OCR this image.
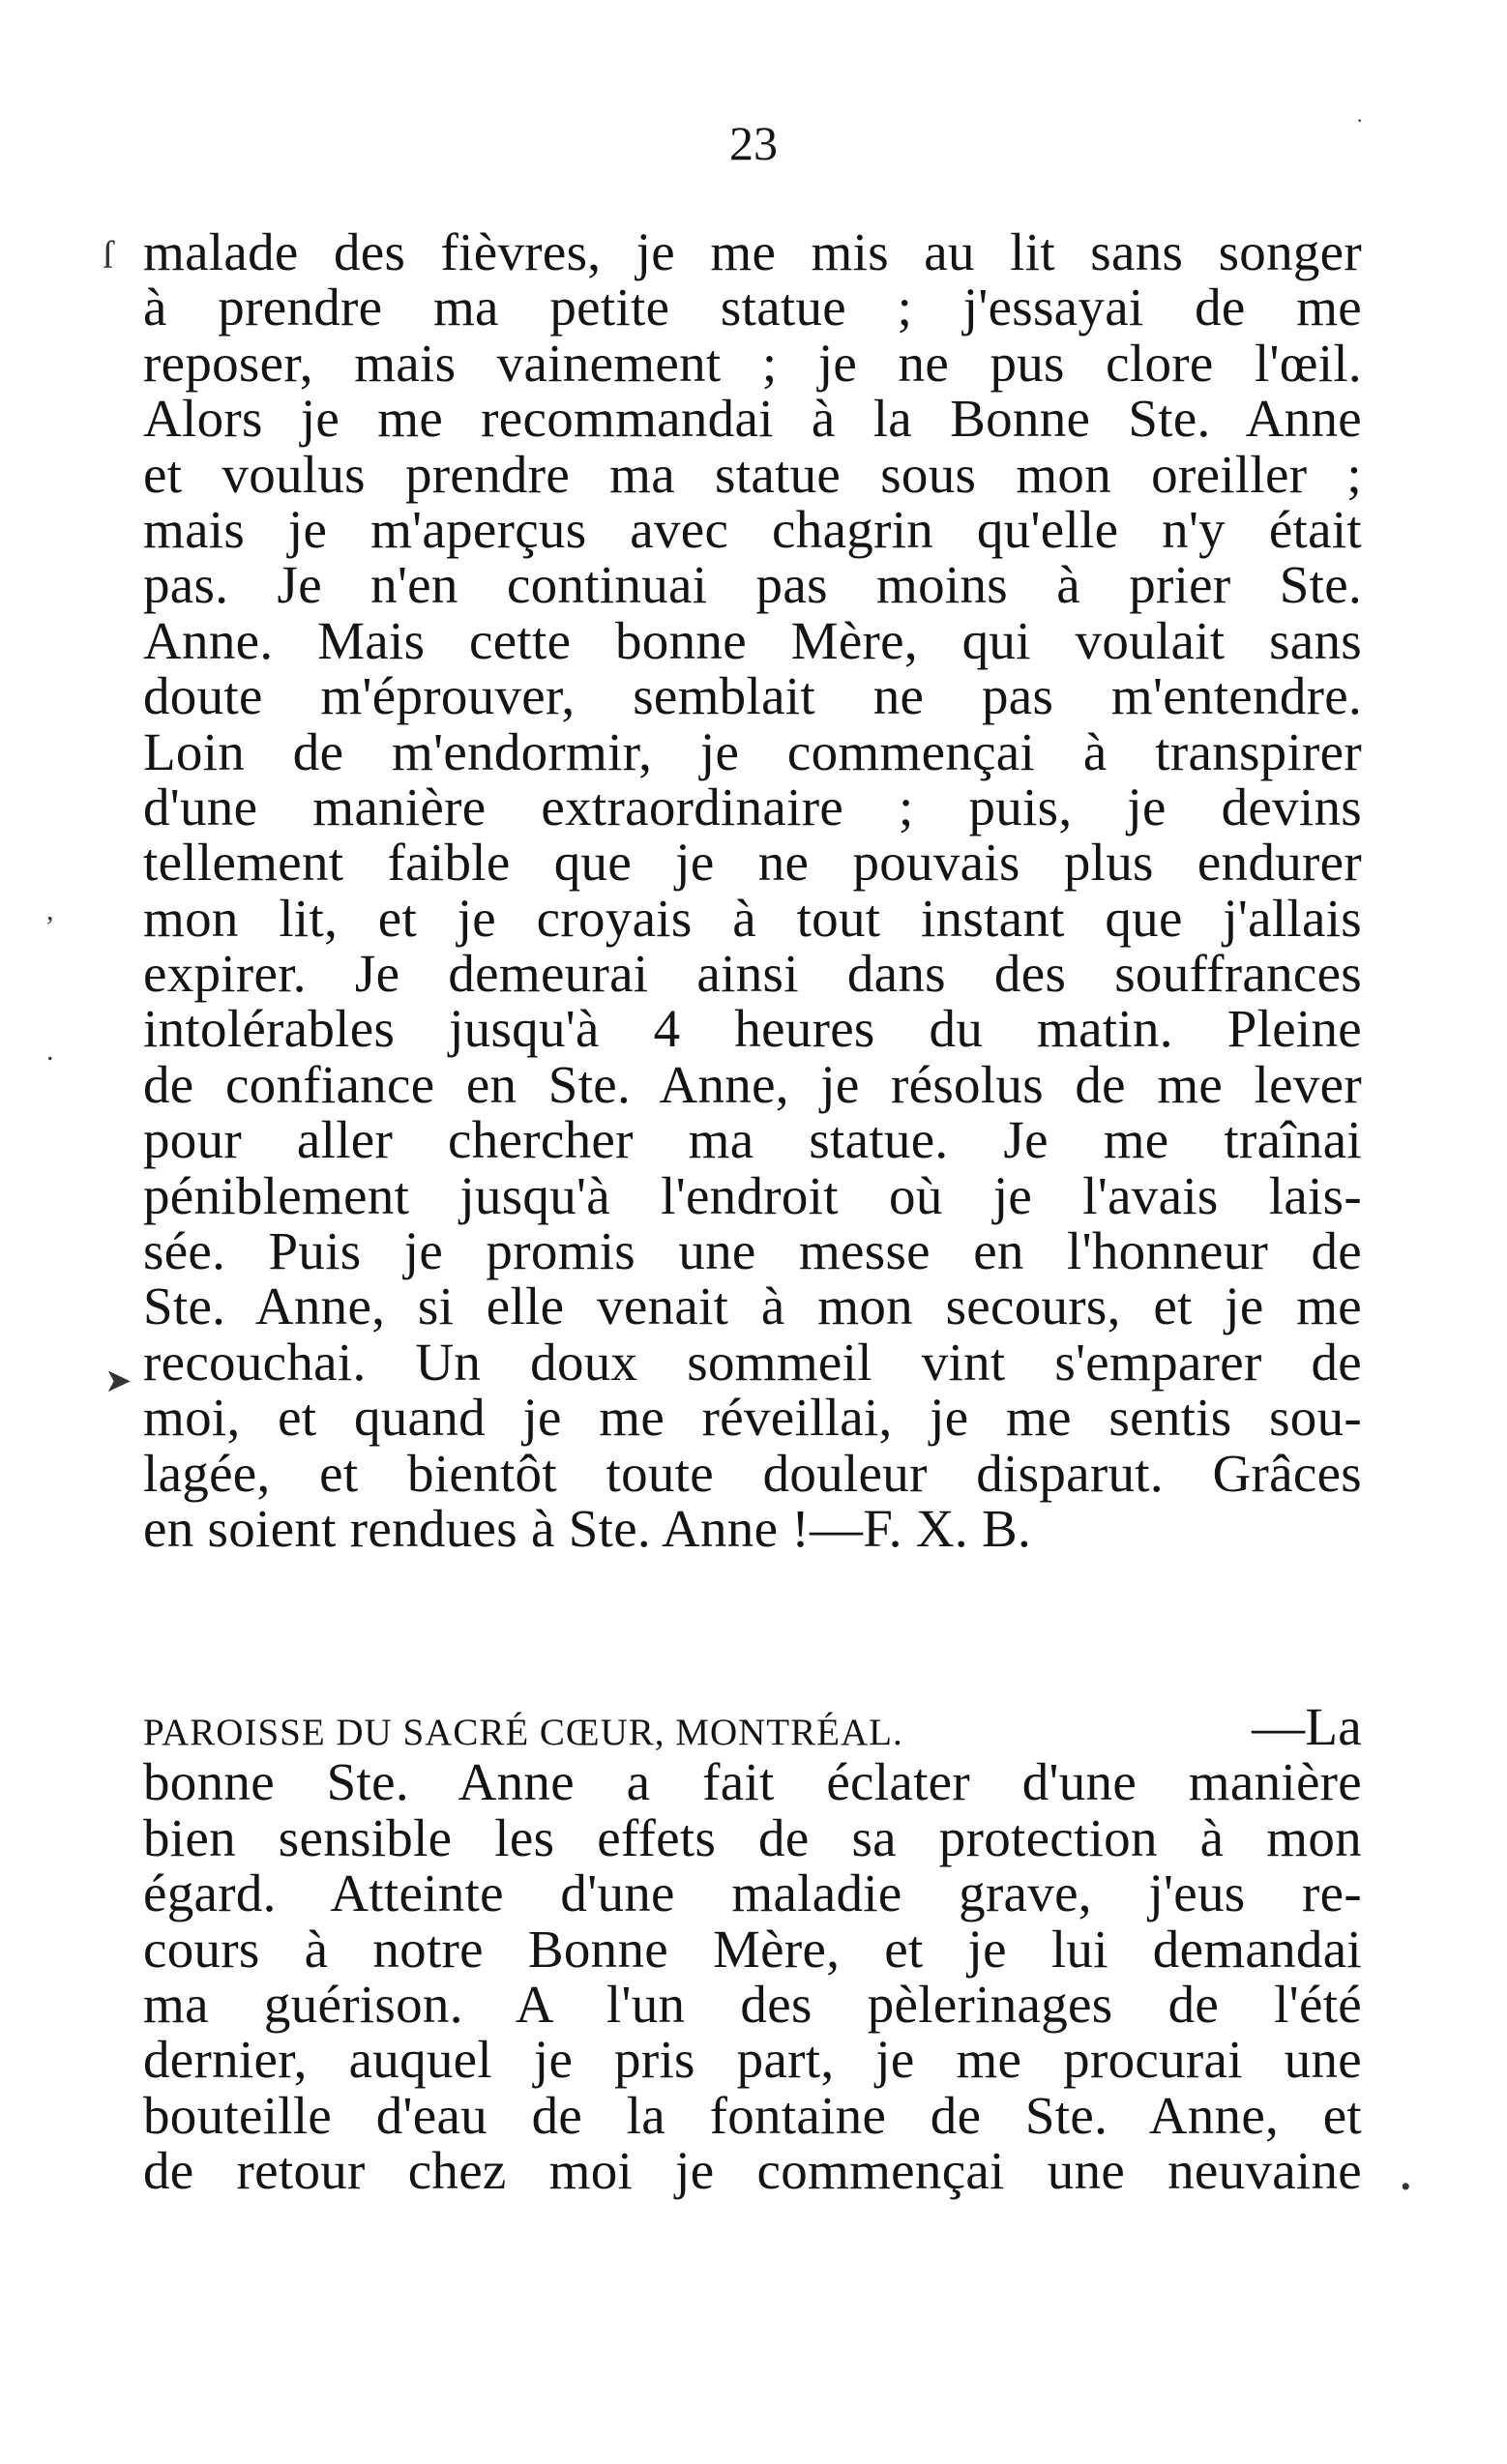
23	·
ſ
,
.
➤
•
malade des fièvres, je me mis au lit sans songer
à prendre ma petite statue ; j'essayai de me
reposer, mais vainement ; je ne pus clore l'œil.
Alors je me recommandai à la Bonne Ste. Anne
et voulus prendre ma statue sous mon oreiller ;
mais je m'aperçus avec chagrin qu'elle n'y était
pas. Je n'en continuai pas moins à prier Ste.
Anne. Mais cette bonne Mère, qui voulait sans
doute m'éprouver, semblait ne pas m'entendre.
Loin de m'endormir, je commençai à transpirer
d'une manière extraordinaire ; puis, je devins
tellement faible que je ne pouvais plus endurer
mon lit, et je croyais à tout instant que j'allais
expirer. Je demeurai ainsi dans des souffrances
intolérables jusqu'à 4 heures du matin. Pleine
de confiance en Ste. Anne, je résolus de me lever
pour aller chercher ma statue. Je me traînai
péniblement jusqu'à l'endroit où je l'avais lais-
sée. Puis je promis une messe en l'honneur de
Ste. Anne, si elle venait à mon secours, et je me
recouchai. Un doux sommeil vint s'emparer de
moi, et quand je me réveillai, je me sentis sou-
lagée, et bientôt toute douleur disparut. Grâces
en soient rendues à Ste. Anne !—F. X. B.
PAROISSE DU SACRÉ CŒUR, MONTRÉAL.	—La
bonne Ste. Anne a fait éclater d'une manière
bien sensible les effets de sa protection à mon
égard. Atteinte d'une maladie grave, j'eus re-
cours à notre Bonne Mère, et je lui demandai
ma guérison. A l'un des pèlerinages de l'été
dernier, auquel je pris part, je me procurai une
bouteille d'eau de la fontaine de Ste. Anne, et
de retour chez moi je commençai une neuvaine
